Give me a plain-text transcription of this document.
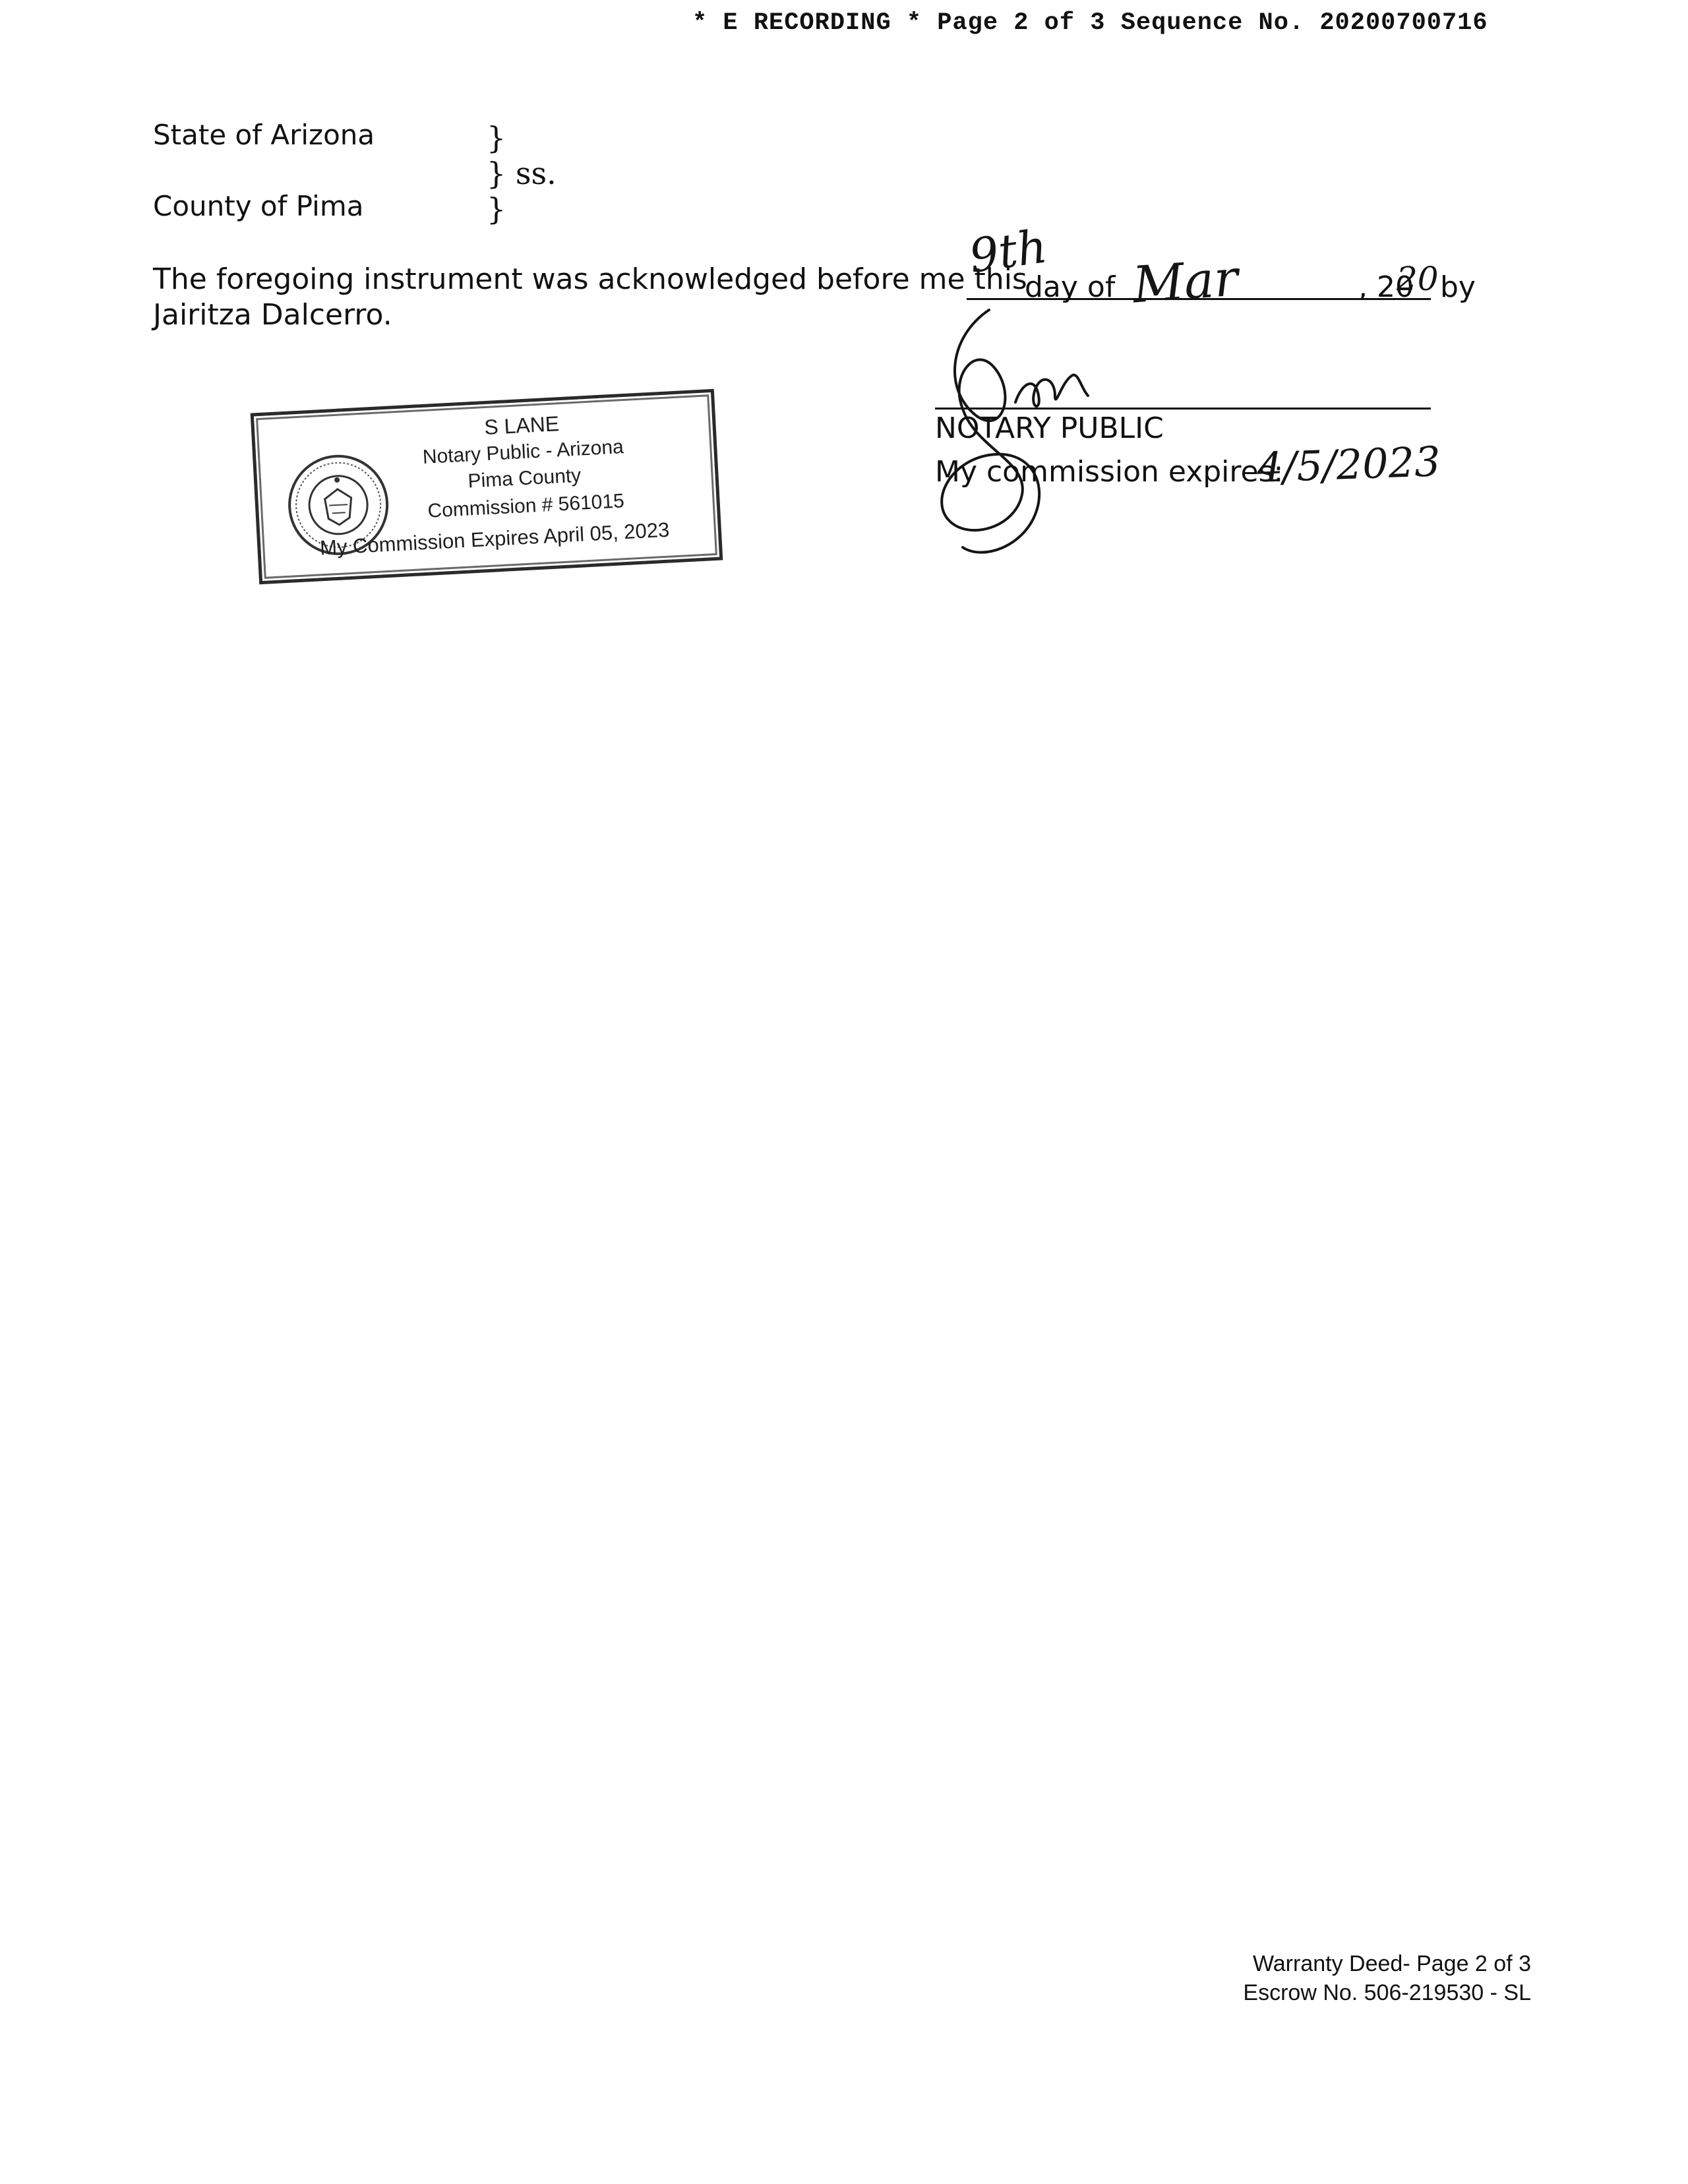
* E RECORDING * Page 2 of 3 Sequence No. 20200700716
State of Arizona
County of Pima
}
} ss.
}
The foregoing instrument was acknowledged before me this
9th
day of Mar	, 20
20 by
Jairitza Dalcerro.
NOTARY PUBLIC
My commission expires:
4/5/2023
S LANE
Notary Public - Arizona
Pima County
Commission # 561015
My Commission Expires April 05, 2023
Warranty Deed- Page 2 of 3
Escrow No. 506-219530 - SL
